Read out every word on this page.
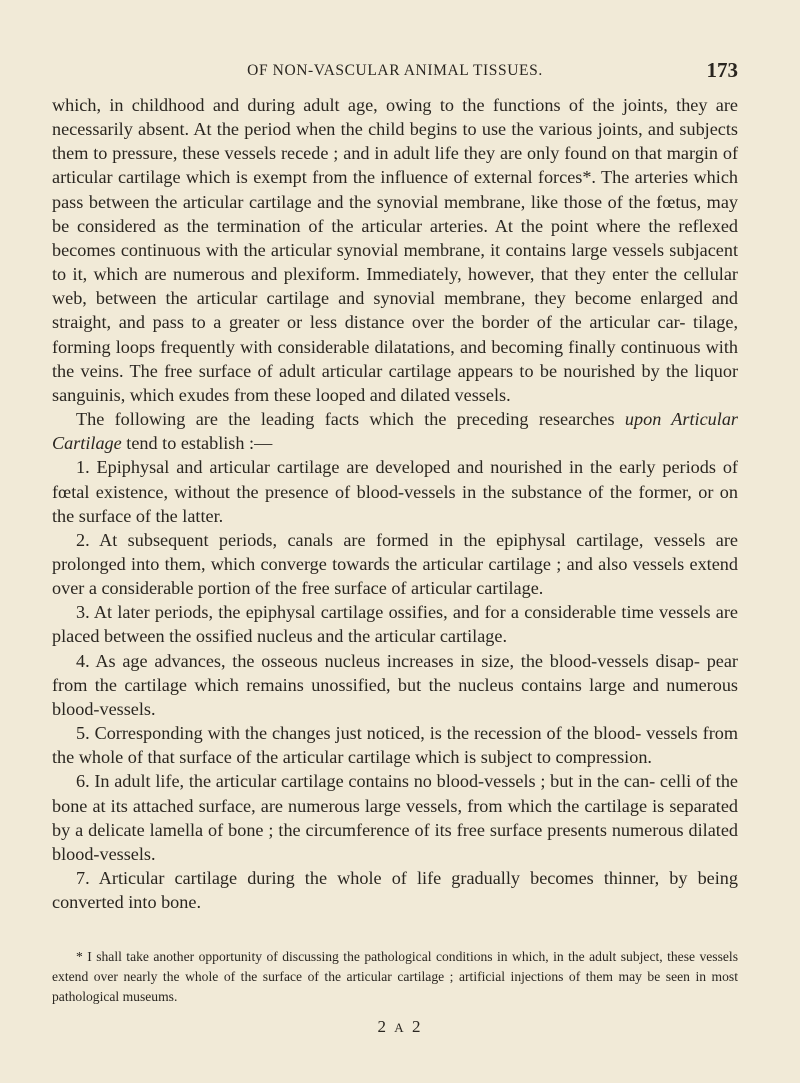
OF NON-VASCULAR ANIMAL TISSUES.	173

which, in childhood and during adult age, owing to the functions of the joints, they are necessarily absent. At the period when the child begins to use the various joints, and subjects them to pressure, these vessels recede ; and in adult life they are only found on that margin of articular cartilage which is exempt from the influence of external forces*. The arteries which pass between the articular cartilage and the synovial membrane, like those of the fœtus, may be considered as the termination of the articular arteries. At the point where the reflexed becomes continuous with the articular synovial membrane, it contains large vessels subjacent to it, which are numerous and plexiform. Immediately, however, that they enter the cellular web, between the articular cartilage and synovial membrane, they become enlarged and straight, and pass to a greater or less distance over the border of the articular car- tilage, forming loops frequently with considerable dilatations, and becoming finally continuous with the veins. The free surface of adult articular cartilage appears to be nourished by the liquor sanguinis, which exudes from these looped and dilated vessels.

The following are the leading facts which the preceding researches upon Articular Cartilage tend to establish :—

1. Epiphysal and articular cartilage are developed and nourished in the early periods of fœtal existence, without the presence of blood-vessels in the substance of the former, or on the surface of the latter.

2. At subsequent periods, canals are formed in the epiphysal cartilage, vessels are prolonged into them, which converge towards the articular cartilage ; and also vessels extend over a considerable portion of the free surface of articular cartilage.

3. At later periods, the epiphysal cartilage ossifies, and for a considerable time vessels are placed between the ossified nucleus and the articular cartilage.

4. As age advances, the osseous nucleus increases in size, the blood-vessels disap- pear from the cartilage which remains unossified, but the nucleus contains large and numerous blood-vessels.

5. Corresponding with the changes just noticed, is the recession of the blood- vessels from the whole of that surface of the articular cartilage which is subject to compression.

6. In adult life, the articular cartilage contains no blood-vessels ; but in the can- celli of the bone at its attached surface, are numerous large vessels, from which the cartilage is separated by a delicate lamella of bone ; the circumference of its free surface presents numerous dilated blood-vessels.

7. Articular cartilage during the whole of life gradually becomes thinner, by being converted into bone.

* I shall take another opportunity of discussing the pathological conditions in which, in the adult subject, these vessels extend over nearly the whole of the surface of the articular cartilage ; artificial injections of them may be seen in most pathological museums.

2 A 2
